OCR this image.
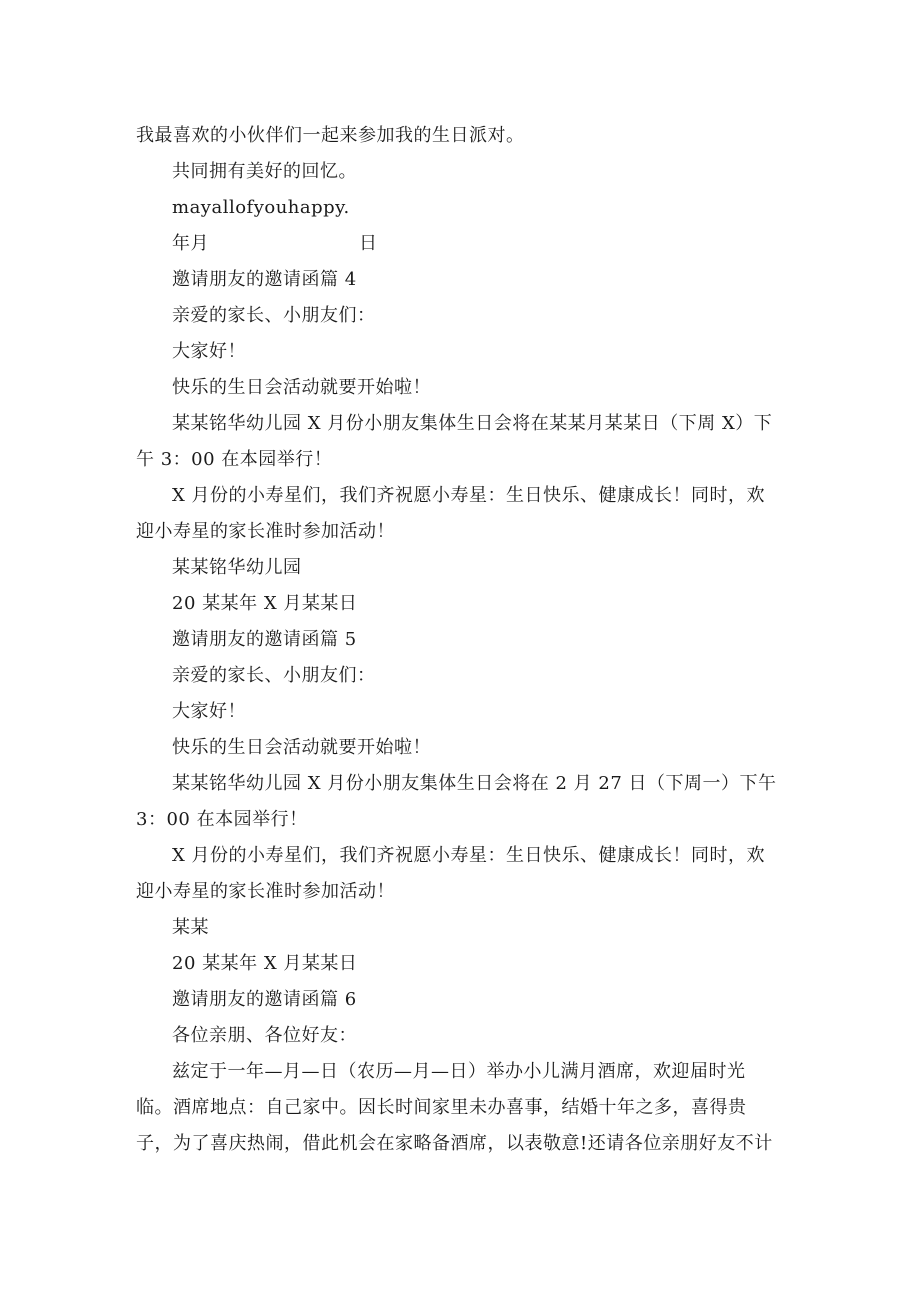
我最喜欢的小伙伴们一起来参加我的生日派对。
共同拥有美好的回忆。
mayallofyouhappy.
年月	日
邀请朋友的邀请函篇 4
亲爱的家长、小朋友们：
大家好！
快乐的生日会活动就要开始啦！
某某铭华幼儿园 X 月份小朋友集体生日会将在某某月某某日（下周 X）下
午 3：00 在本园举行！
X 月份的小寿星们，我们齐祝愿小寿星：生日快乐、健康成长！同时，欢
迎小寿星的家长准时参加活动！
某某铭华幼儿园
20 某某年 X 月某某日
邀请朋友的邀请函篇 5
亲爱的家长、小朋友们：
大家好！
快乐的生日会活动就要开始啦！
某某铭华幼儿园 X 月份小朋友集体生日会将在 2 月 27 日（下周一）下午
3：00 在本园举行！
X 月份的小寿星们，我们齐祝愿小寿星：生日快乐、健康成长！同时，欢
迎小寿星的家长准时参加活动！
某某
20 某某年 X 月某某日
邀请朋友的邀请函篇 6
各位亲朋、各位好友：
兹定于一年—月—日（农历—月—日）举办小儿满月酒席，欢迎届时光
临。酒席地点：自己家中。因长时间家里未办喜事，结婚十年之多，喜得贵
子，为了喜庆热闹，借此机会在家略备酒席，以表敬意!还请各位亲朋好友不计
